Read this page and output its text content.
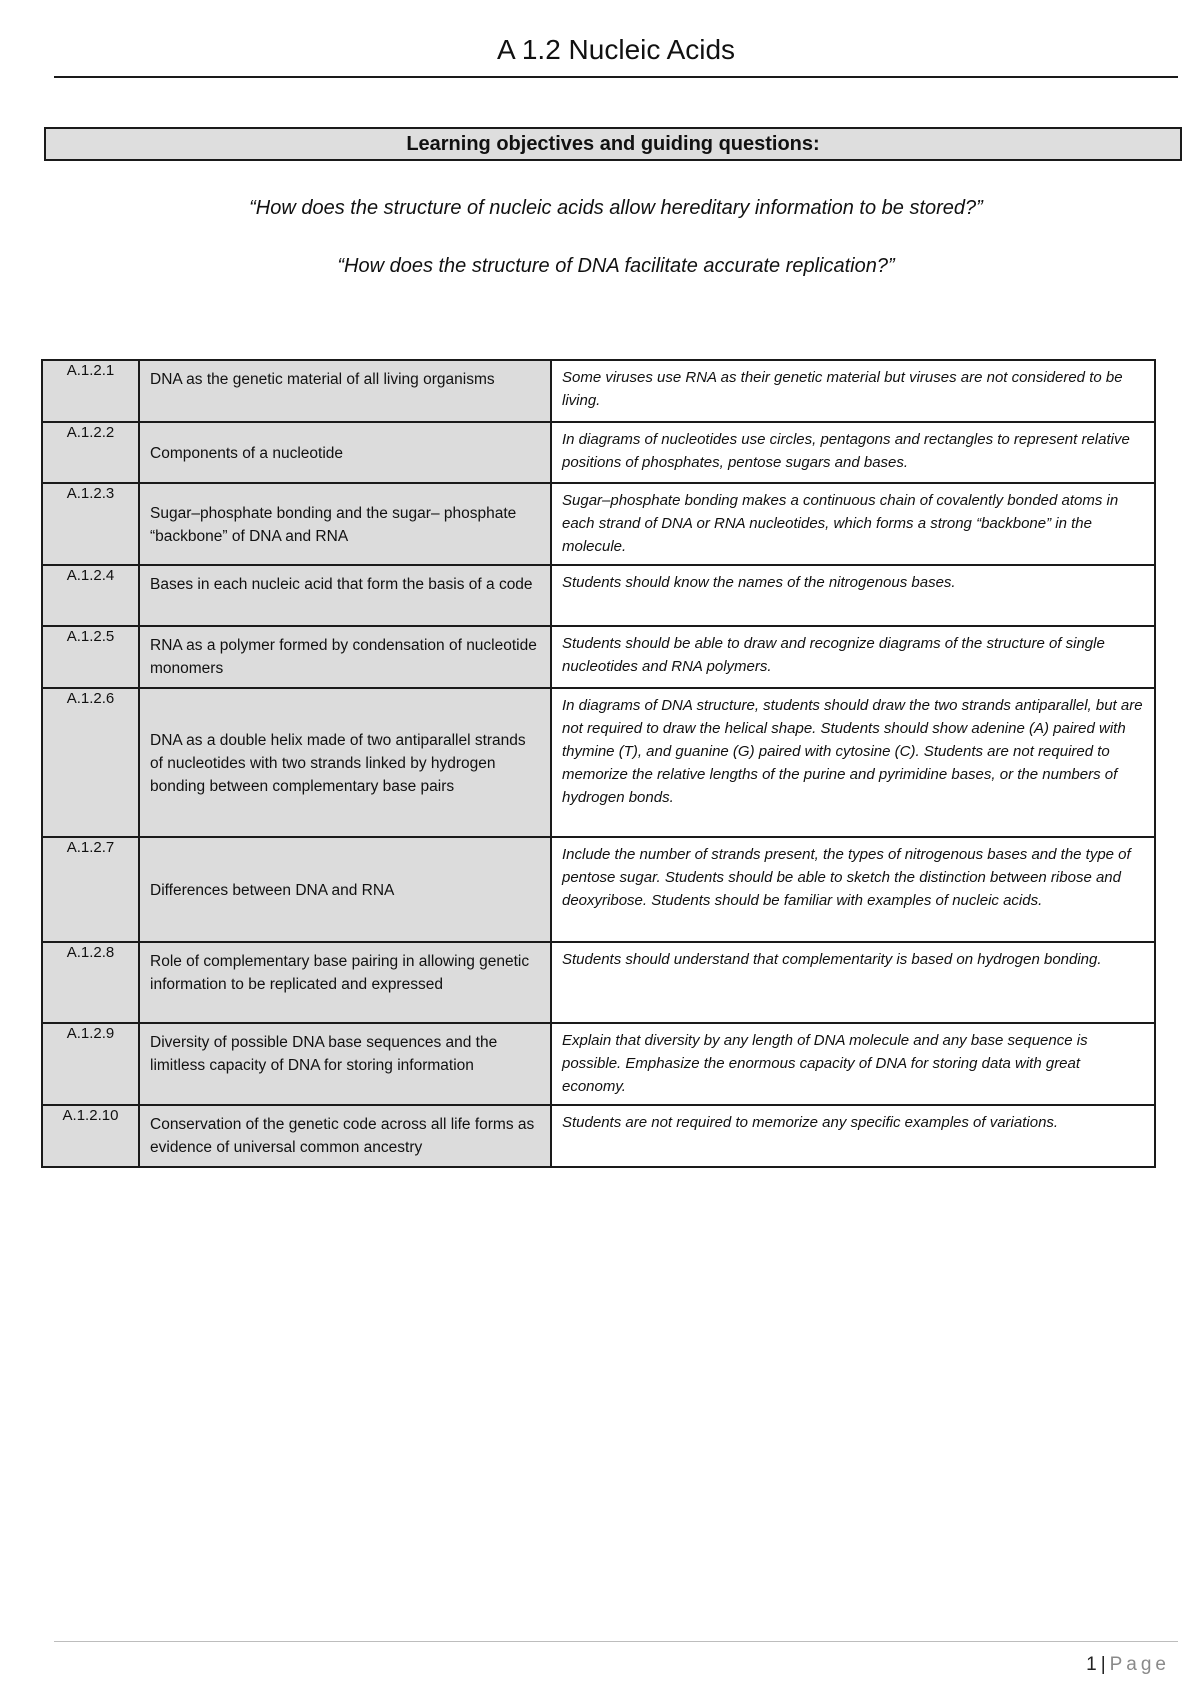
A 1.2 Nucleic Acids
Learning objectives and guiding questions:
“How does the structure of nucleic acids allow hereditary information to be stored?”
“How does the structure of DNA facilitate accurate replication?”
A.1.2.1	DNA as the genetic material of all living organisms	Some viruses use RNA as their genetic material but viruses are not considered to be living.
A.1.2.2	Components of a nucleotide	In diagrams of nucleotides use circles, pentagons and rectangles to represent relative positions of phosphates, pentose sugars and bases.
A.1.2.3	Sugar–phosphate bonding and the sugar– phosphate “backbone” of DNA and RNA	Sugar–phosphate bonding makes a continuous chain of covalently bonded atoms in each strand of DNA or RNA nucleotides, which forms a strong “backbone” in the molecule.
A.1.2.4	Bases in each nucleic acid that form the basis of a code	Students should know the names of the nitrogenous bases.
A.1.2.5	RNA as a polymer formed by condensation of nucleotide monomers	Students should be able to draw and recognize diagrams of the structure of single nucleotides and RNA polymers.
A.1.2.6	DNA as a double helix made of two antiparallel strands of nucleotides with two strands linked by hydrogen bonding between complementary base pairs	In diagrams of DNA structure, students should draw the two strands antiparallel, but are not required to draw the helical shape. Students should show adenine (A) paired with thymine (T), and guanine (G) paired with cytosine (C). Students are not required to memorize the relative lengths of the purine and pyrimidine bases, or the numbers of hydrogen bonds.
A.1.2.7	Differences between DNA and RNA	Include the number of strands present, the types of nitrogenous bases and the type of pentose sugar. Students should be able to sketch the distinction between ribose and deoxyribose. Students should be familiar with examples of nucleic acids.
A.1.2.8	Role of complementary base pairing in allowing genetic information to be replicated and expressed	Students should understand that complementarity is based on hydrogen bonding.
A.1.2.9	Diversity of possible DNA base sequences and the limitless capacity of DNA for storing information	Explain that diversity by any length of DNA molecule and any base sequence is possible. Emphasize the enormous capacity of DNA for storing data with great economy.
A.1.2.10	Conservation of the genetic code across all life forms as evidence of universal common ancestry	Students are not required to memorize any specific examples of variations.
1 | Page
